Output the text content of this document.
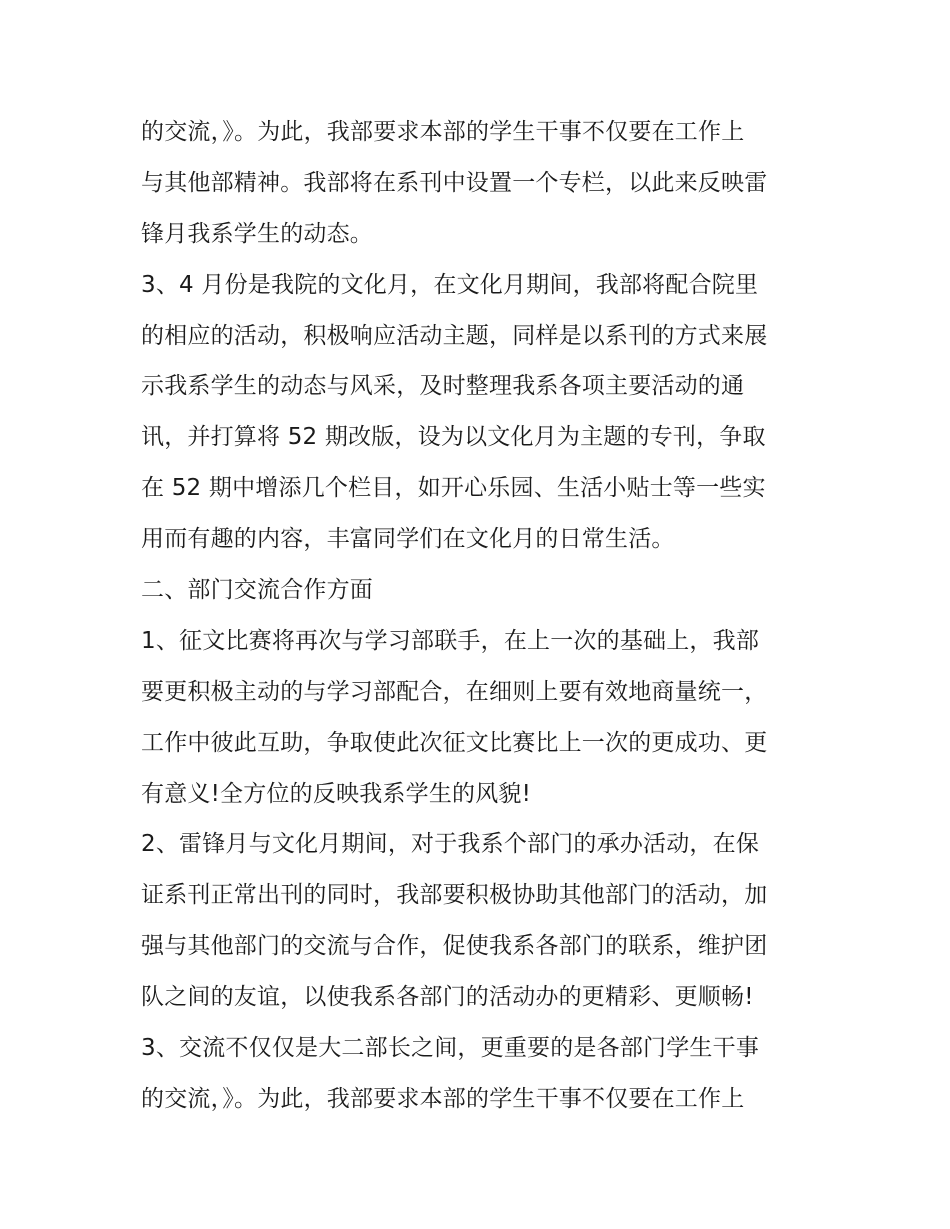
的交流，》。为此，我部要求本部的学生干事不仅要在工作上
与其他部精神。我部将在系刊中设置一个专栏，以此来反映雷
锋月我系学生的动态。
3、4 月份是我院的文化月，在文化月期间，我部将配合院里
的相应的活动，积极响应活动主题，同样是以系刊的方式来展
示我系学生的动态与风采，及时整理我系各项主要活动的通
讯，并打算将 52 期改版，设为以文化月为主题的专刊，争取
在 52 期中增添几个栏目，如开心乐园、生活小贴士等一些实
用而有趣的内容，丰富同学们在文化月的日常生活。
二、部门交流合作方面
1、征文比赛将再次与学习部联手，在上一次的基础上，我部
要更积极主动的与学习部配合，在细则上要有效地商量统一，
工作中彼此互助，争取使此次征文比赛比上一次的更成功、更
有意义!全方位的反映我系学生的风貌!
2、雷锋月与文化月期间，对于我系个部门的承办活动，在保
证系刊正常出刊的同时，我部要积极协助其他部门的活动，加
强与其他部门的交流与合作，促使我系各部门的联系，维护团
队之间的友谊，以使我系各部门的活动办的更精彩、更顺畅!
3、交流不仅仅是大二部长之间，更重要的是各部门学生干事
的交流，》。为此，我部要求本部的学生干事不仅要在工作上
